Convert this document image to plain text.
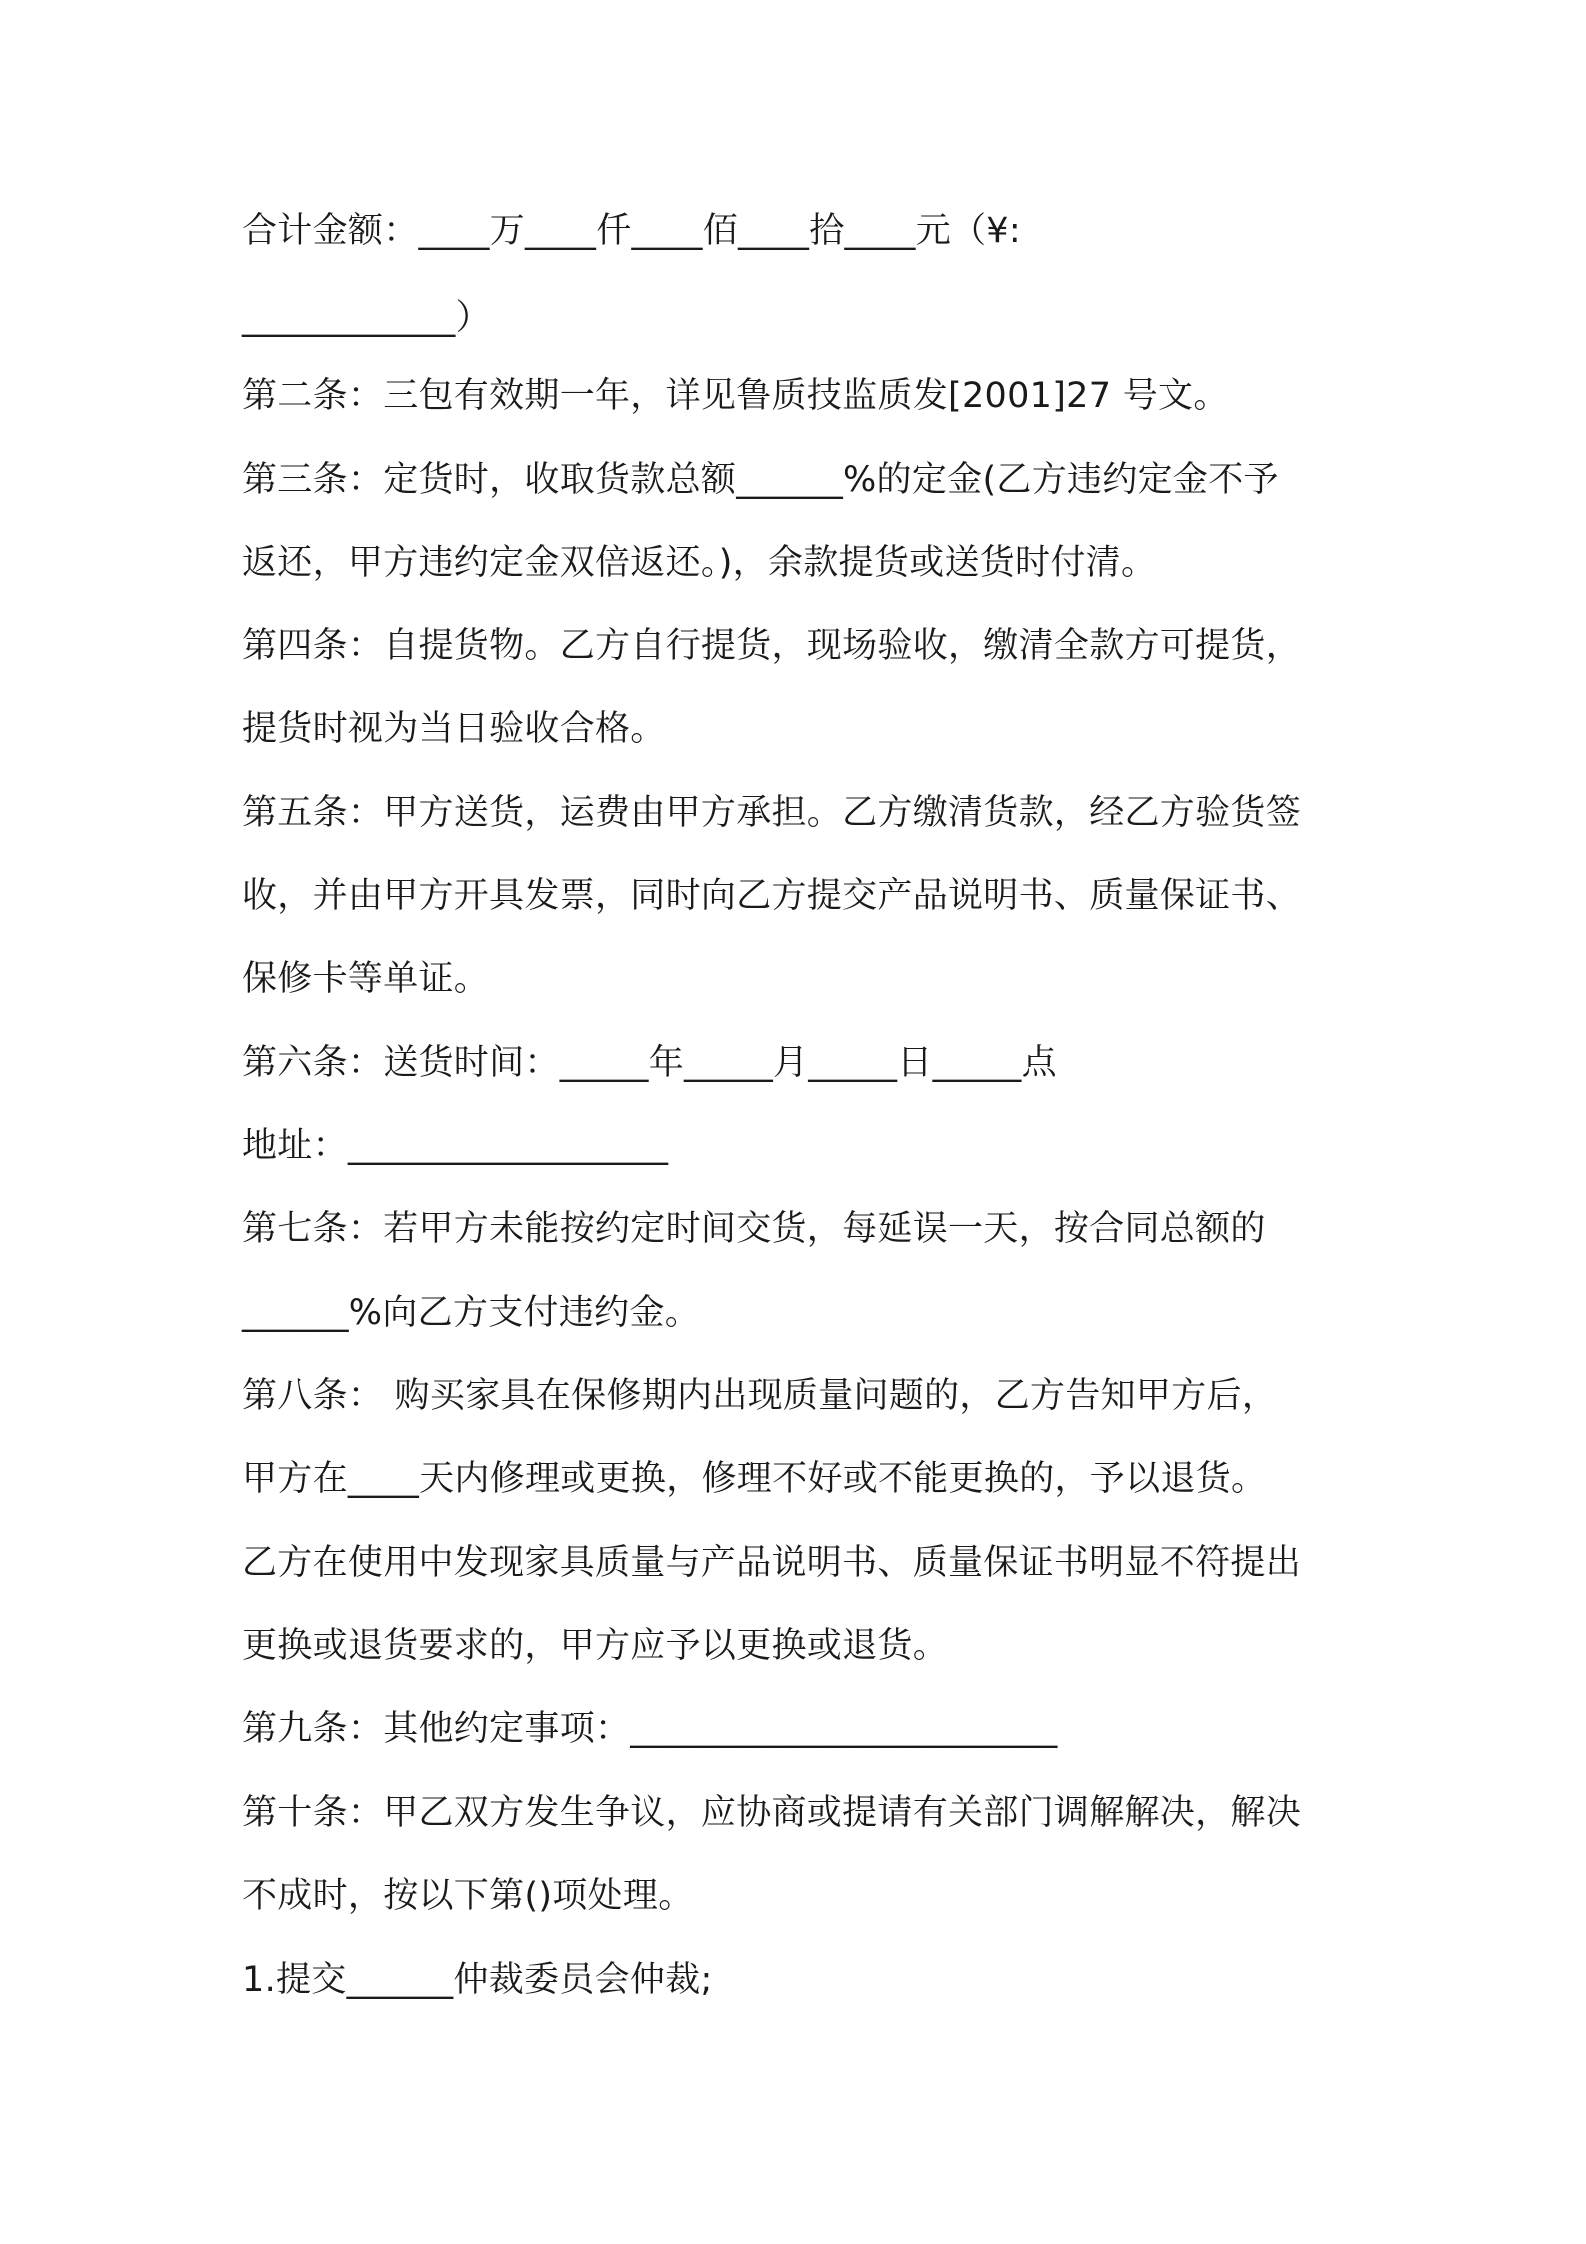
合计金额：____万____仟____佰____拾____元（¥:
____________）
第二条：三包有效期一年，详见鲁质技监质发[2001]27 号文。
第三条：定货时，收取货款总额______%的定金(乙方违约定金不予
返还，甲方违约定金双倍返还。)，余款提货或送货时付清。
第四条：自提货物。乙方自行提货，现场验收，缴清全款方可提货，
提货时视为当日验收合格。
第五条：甲方送货，运费由甲方承担。乙方缴清货款，经乙方验货签
收，并由甲方开具发票，同时向乙方提交产品说明书、质量保证书、
保修卡等单证。
第六条：送货时间：_____年_____月_____日_____点
地址：__________________
第七条：若甲方未能按约定时间交货，每延误一天，按合同总额的
______%向乙方支付违约金。
第八条： 购买家具在保修期内出现质量问题的，乙方告知甲方后，
甲方在____天内修理或更换，修理不好或不能更换的，予以退货。
乙方在使用中发现家具质量与产品说明书、质量保证书明显不符提出
更换或退货要求的，甲方应予以更换或退货。
第九条：其他约定事项：________________________
第十条：甲乙双方发生争议，应协商或提请有关部门调解解决，解决
不成时，按以下第()项处理。
1.提交______仲裁委员会仲裁;
